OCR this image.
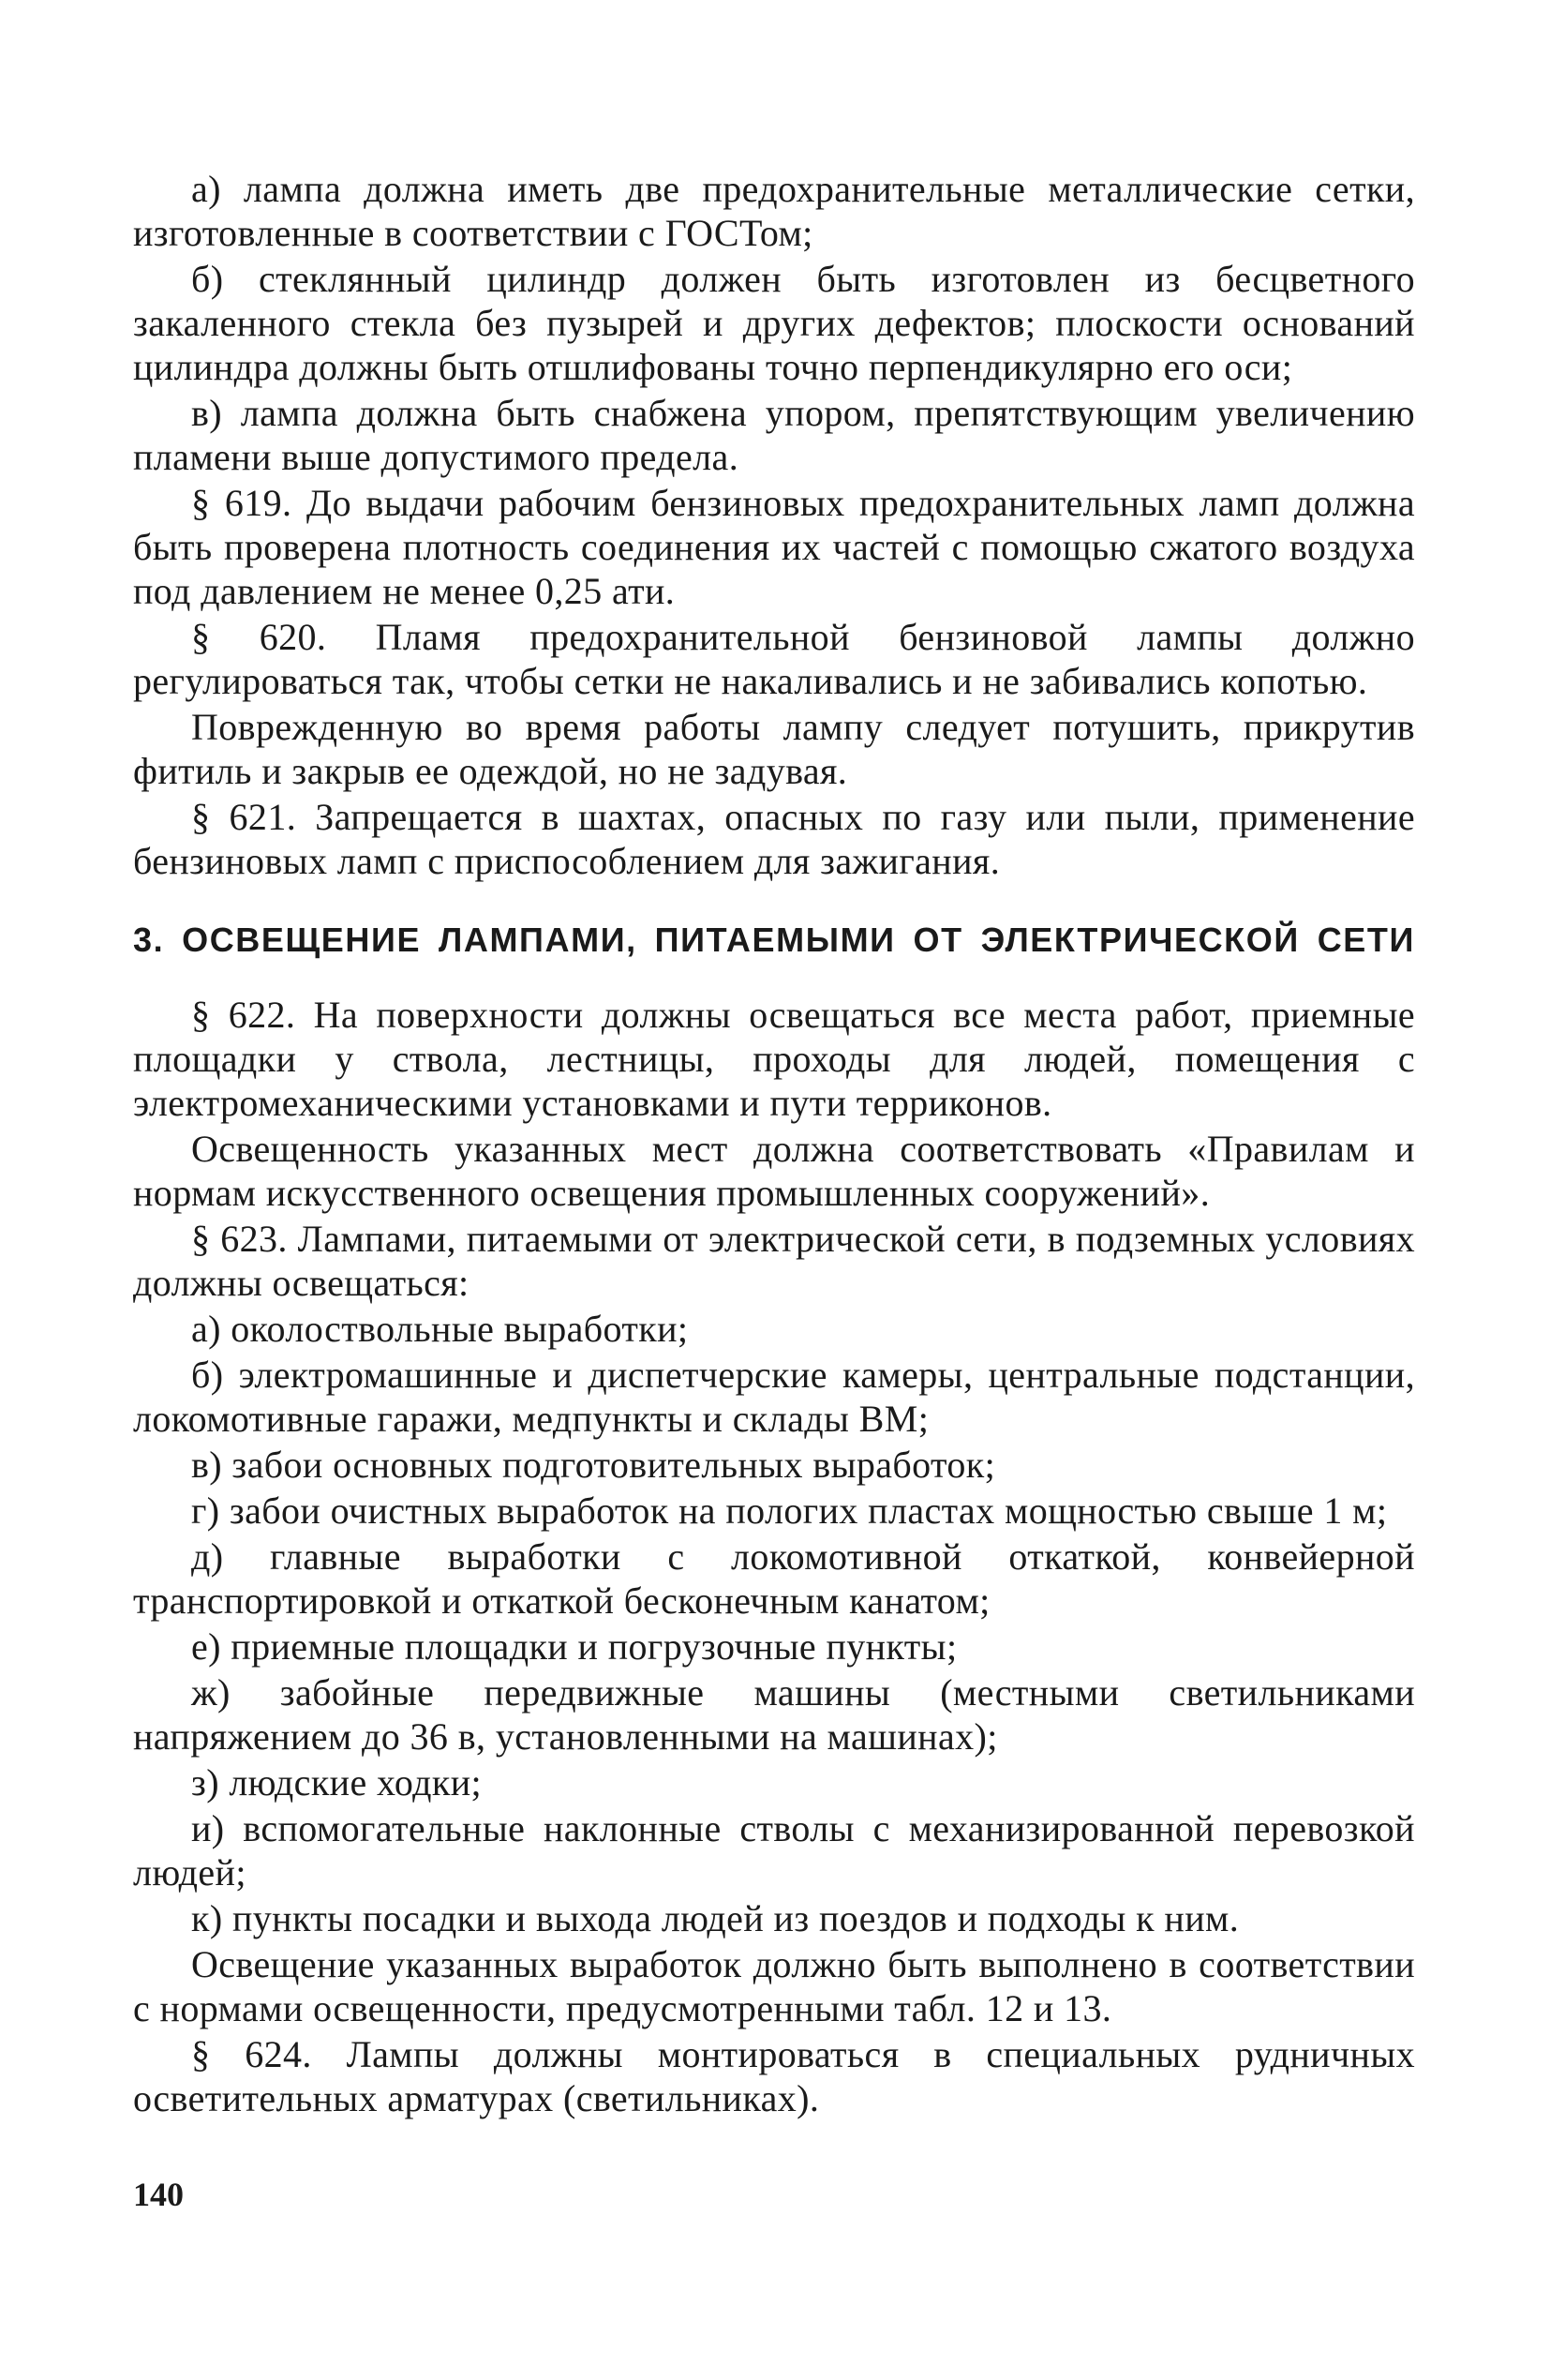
а) лампа должна иметь две предохранительные металлические сетки, изготовленные в соответствии с ГОСТом;

б) стеклянный цилиндр должен быть изготовлен из бесцветного закаленного стекла без пузырей и других дефектов; плоскости оснований цилиндра должны быть отшлифованы точно перпендикулярно его оси;

в) лампа должна быть снабжена упором, препятствующим увеличению пламени выше допустимого предела.

§ 619. До выдачи рабочим бензиновых предохранительных ламп должна быть проверена плотность соединения их частей с помощью сжатого воздуха под давлением не менее 0,25 ати.

§ 620. Пламя предохранительной бензиновой лампы должно регулироваться так, чтобы сетки не накаливались и не забивались копотью.

Поврежденную во время работы лампу следует потушить, прикрутив фитиль и закрыв ее одеждой, но не задувая.

§ 621. Запрещается в шахтах, опасных по газу или пыли, применение бензиновых ламп с приспособлением для зажигания.

3. ОСВЕЩЕНИЕ ЛАМПАМИ, ПИТАЕМЫМИ ОТ ЭЛЕКТРИЧЕСКОЙ СЕТИ

§ 622. На поверхности должны освещаться все места работ, приемные площадки у ствола, лестницы, проходы для людей, помещения с электромеханическими установками и пути терриконов.

Освещенность указанных мест должна соответствовать «Правилам и нормам искусственного освещения промышленных сооружений».

§ 623. Лампами, питаемыми от электрической сети, в подземных условиях должны освещаться:

а) околоствольные выработки;

б) электромашинные и диспетчерские камеры, центральные подстанции, локомотивные гаражи, медпункты и склады ВМ;

в) забои основных подготовительных выработок;

г) забои очистных выработок на пологих пластах мощностью свыше 1 м;

д) главные выработки с локомотивной откаткой, конвейерной транспортировкой и откаткой бесконечным канатом;

е) приемные площадки и погрузочные пункты;

ж) забойные передвижные машины (местными светильниками напряжением до 36 в, установленными на машинах);

з) людские ходки;

и) вспомогательные наклонные стволы с механизированной перевозкой людей;

к) пункты посадки и выхода людей из поездов и подходы к ним.

Освещение указанных выработок должно быть выполнено в соответствии с нормами освещенности, предусмотренными табл. 12 и 13.

§ 624. Лампы должны монтироваться в специальных рудничных осветительных арматурах (светильниках).

140
